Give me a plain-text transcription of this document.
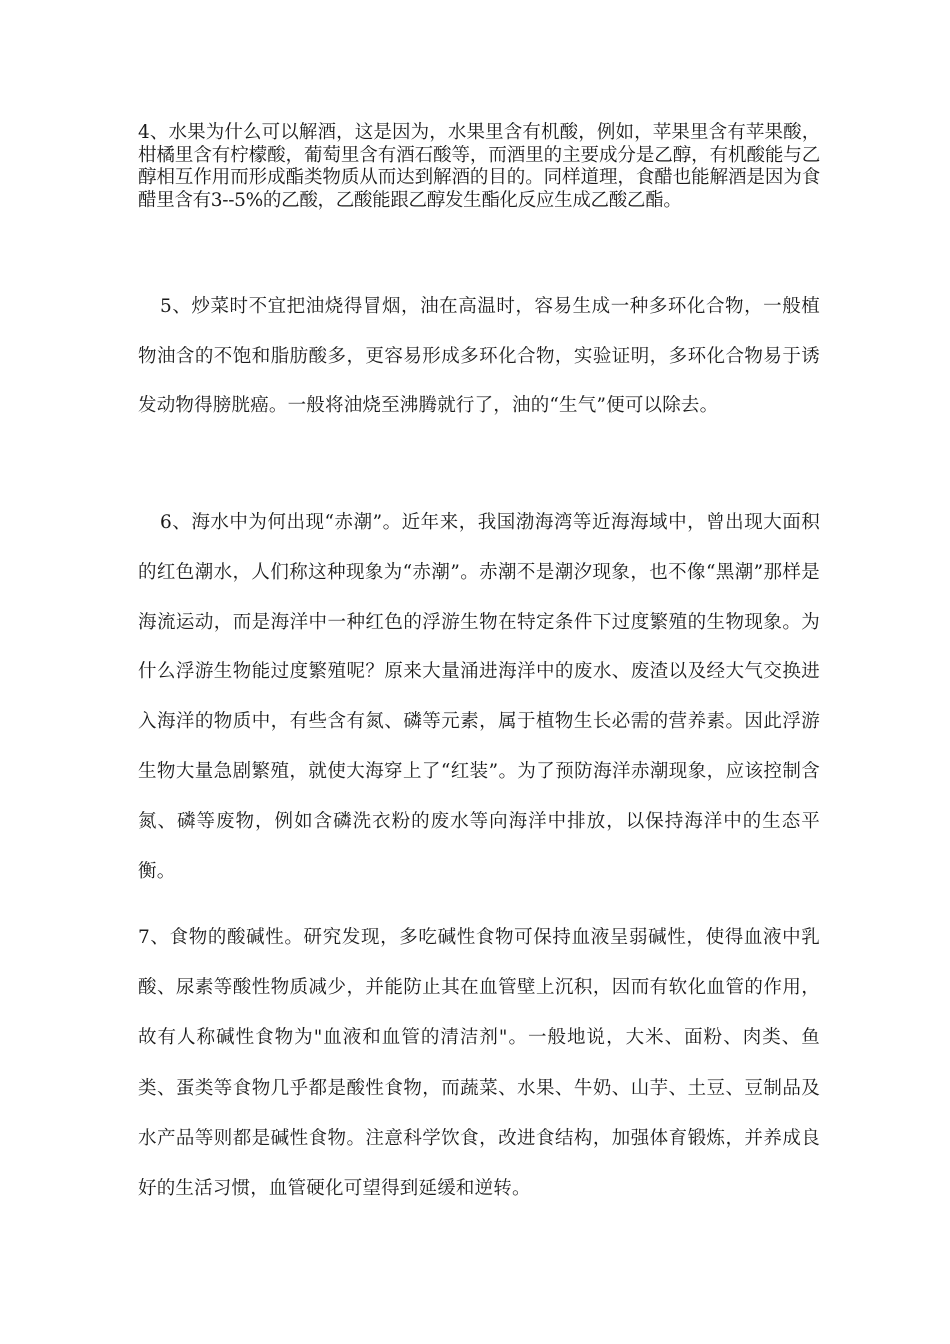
4、水果为什么可以解酒，这是因为，水果里含有机酸，例如，苹果里含有苹果酸，柑橘里含有柠檬酸，葡萄里含有酒石酸等，而酒里的主要成分是乙醇，有机酸能与乙醇相互作用而形成酯类物质从而达到解酒的目的。同样道理，食醋也能解酒是因为食醋里含有3--5%的乙酸，乙酸能跟乙醇发生酯化反应生成乙酸乙酯。

5、炒菜时不宜把油烧得冒烟，油在高温时，容易生成一种多环化合物，一般植物油含的不饱和脂肪酸多，更容易形成多环化合物，实验证明，多环化合物易于诱发动物得膀胱癌。一般将油烧至沸腾就行了，油的“生气”便可以除去。

6、海水中为何出现“赤潮”。近年来，我国渤海湾等近海海域中，曾出现大面积的红色潮水，人们称这种现象为“赤潮”。赤潮不是潮汐现象，也不像“黑潮”那样是海流运动，而是海洋中一种红色的浮游生物在特定条件下过度繁殖的生物现象。为什么浮游生物能过度繁殖呢？原来大量涌进海洋中的废水、废渣以及经大气交换进入海洋的物质中，有些含有氮、磷等元素，属于植物生长必需的营养素。因此浮游生物大量急剧繁殖，就使大海穿上了“红装”。为了预防海洋赤潮现象，应该控制含氮、磷等废物，例如含磷洗衣粉的废水等向海洋中排放，以保持海洋中的生态平衡。

7、食物的酸碱性。研究发现，多吃碱性食物可保持血液呈弱碱性，使得血液中乳酸、尿素等酸性物质减少，并能防止其在血管壁上沉积，因而有软化血管的作用，故有人称碱性食物为"血液和血管的清洁剂"。一般地说，大米、面粉、肉类、鱼类、蛋类等食物几乎都是酸性食物，而蔬菜、水果、牛奶、山芋、土豆、豆制品及水产品等则都是碱性食物。注意科学饮食，改进食结构，加强体育锻炼，并养成良好的生活习惯，血管硬化可望得到延缓和逆转。
